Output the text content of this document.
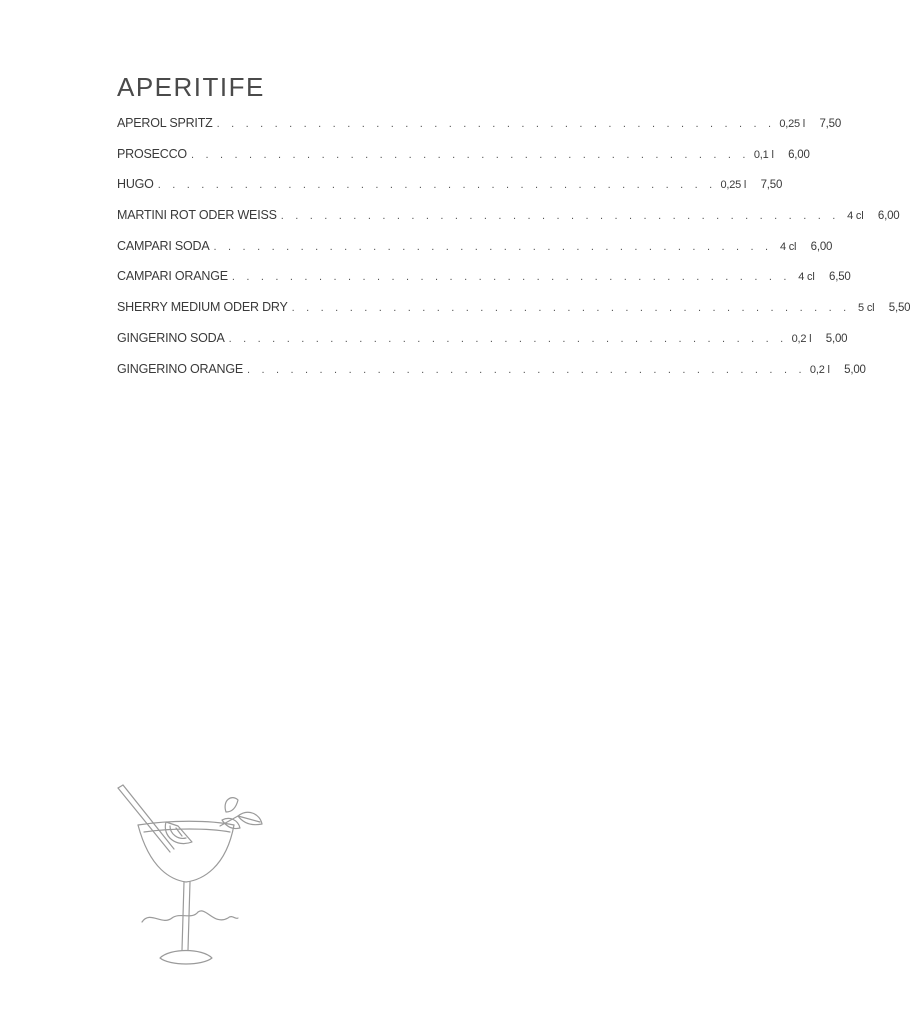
APERITIFE
APEROL SPRITZ . . . . . . . . . . . . . . . . . . . . . . . . . . . . . . . . . . . . . . . 0,25 l	7,50
PROSECCO . . . . . . . . . . . . . . . . . . . . . . . . . . . . . . . . . . . . . . . 0,1 l	6,00
HUGO . . . . . . . . . . . . . . . . . . . . . . . . . . . . . . . . . . . . . . . 0,25 l	7,50
MARTINI ROT ODER WEISS . . . . . . . . . . . . . . . . . . . . . . . . . . . . . . . . . . . . . . . 4 cl	6,00
CAMPARI SODA . . . . . . . . . . . . . . . . . . . . . . . . . . . . . . . . . . . . . . . 4 cl	6,00
CAMPARI ORANGE . . . . . . . . . . . . . . . . . . . . . . . . . . . . . . . . . . . . . . . 4 cl	6,50
SHERRY MEDIUM ODER DRY . . . . . . . . . . . . . . . . . . . . . . . . . . . . . . . . . . . . . . . 5 cl	5,50
GINGERINO SODA . . . . . . . . . . . . . . . . . . . . . . . . . . . . . . . . . . . . . . . 0,2 l	5,00
GINGERINO ORANGE . . . . . . . . . . . . . . . . . . . . . . . . . . . . . . . . . . . . . . . 0,2 l	5,00
